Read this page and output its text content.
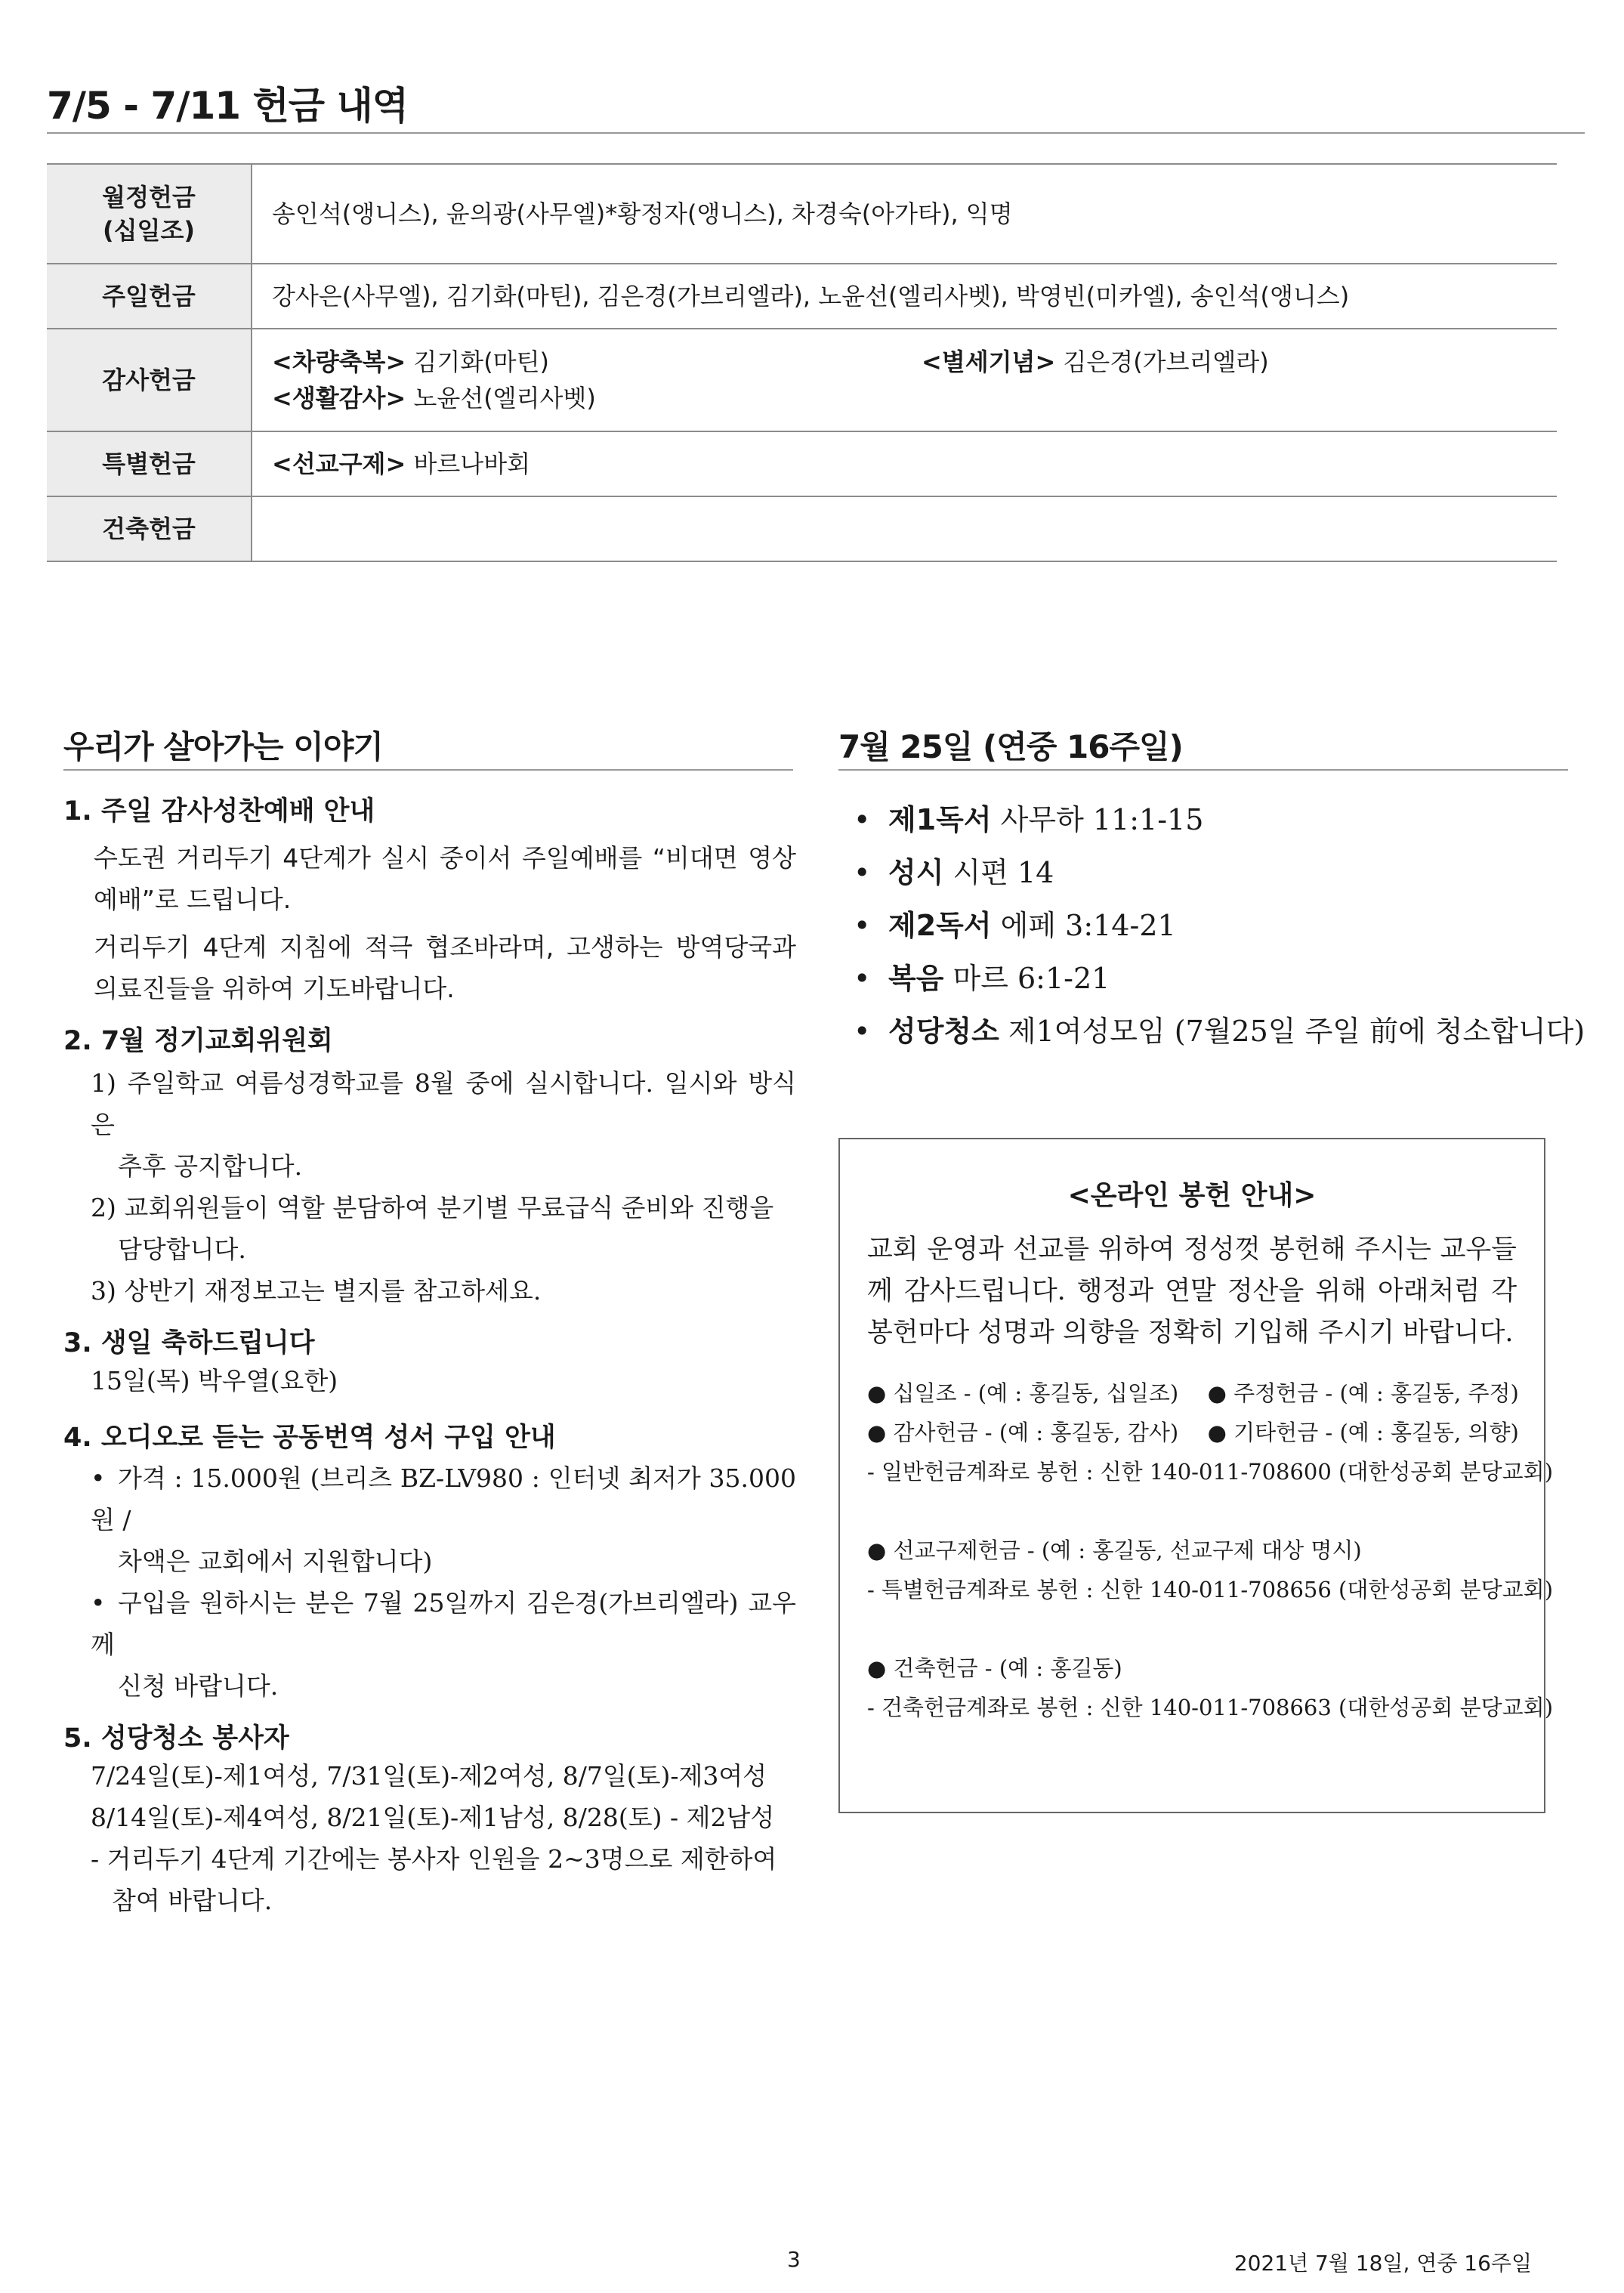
7/5 - 7/11 헌금 내역
월정헌금
(십일조)	송인석(앵니스), 윤의광(사무엘)*황정자(앵니스), 차경숙(아가타), 익명

주일헌금	강사은(사무엘), 김기화(마틴), 김은경(가브리엘라), 노윤선(엘리사벳), 박영빈(미카엘), 송인석(앵니스)

감사헌금	<차량축복> 김기화(마틴) <별세기념> 김은경(가브리엘라)
<생활감사> 노윤선(엘리사벳)

특별헌금	<선교구제> 바르나바회

건축헌금	

우리가 살아가는 이야기

1. 주일 감사성찬예배 안내

수도권 거리두기 4단계가 실시 중이서 주일예배를 “비대면 영상 예배”로 드립니다.

거리두기 4단계 지침에 적극 협조바라며, 고생하는 방역당국과 의료진들을 위하여 기도바랍니다.

2. 7월 정기교회위원회

1) 주일학교 여름성경학교를 8월 중에 실시합니다. 일시와 방식은

추후 공지합니다.

2) 교회위원들이 역할 분담하여 분기별 무료급식 준비와 진행을

담당합니다.

3) 상반기 재정보고는 별지를 참고하세요.

3. 생일 축하드립니다

15일(목) 박우열(요한)

4. 오디오로 듣는 공동번역 성서 구입 안내

• 가격 : 15.000원 (브리츠 BZ-LV980 : 인터넷 최저가 35.000원 /

차액은 교회에서 지원합니다)

• 구입을 원하시는 분은 7월 25일까지 김은경(가브리엘라) 교우께

신청 바랍니다.

5. 성당청소 봉사자

7/24일(토)-제1여성, 7/31일(토)-제2여성, 8/7일(토)-제3여성

8/14일(토)-제4여성, 8/21일(토)-제1남성, 8/28(토) - 제2남성

- 거리두기 4단계 기간에는 봉사자 인원을 2~3명으로 제한하여

참여 바랍니다.

7월 25일 (연중 16주일)
• 제1독서 사무하 11:1-15
• 성시 시편 14
• 제2독서 에페 3:14-21
• 복음 마르 6:1-21
• 성당청소 제1여성모임 (7월25일 주일 前에 청소합니다)
<온라인 봉헌 안내>
교회 운영과 선교를 위하여 정성껏 봉헌해 주시는 교우들께 감사드립니다. 행정과 연말 정산을 위해 아래처럼 각 봉헌마다 성명과 의향을 정확히 기입해 주시기 바랍니다.
● 십일조 - (예 : 홍길동, 십일조) ● 주정헌금 - (예 : 홍길동, 주정)
● 감사헌금 - (예 : 홍길동, 감사) ● 기타헌금 - (예 : 홍길동, 의향)
- 일반헌금계좌로 봉헌 : 신한 140-011-708600 (대한성공회 분당교회)
● 선교구제헌금 - (예 : 홍길동, 선교구제 대상 명시)
- 특별헌금계좌로 봉헌 : 신한 140-011-708656 (대한성공회 분당교회)
● 건축헌금 - (예 : 홍길동)
- 건축헌금계좌로 봉헌 : 신한 140-011-708663 (대한성공회 분당교회)
3	2021년 7월 18일, 연중 16주일
